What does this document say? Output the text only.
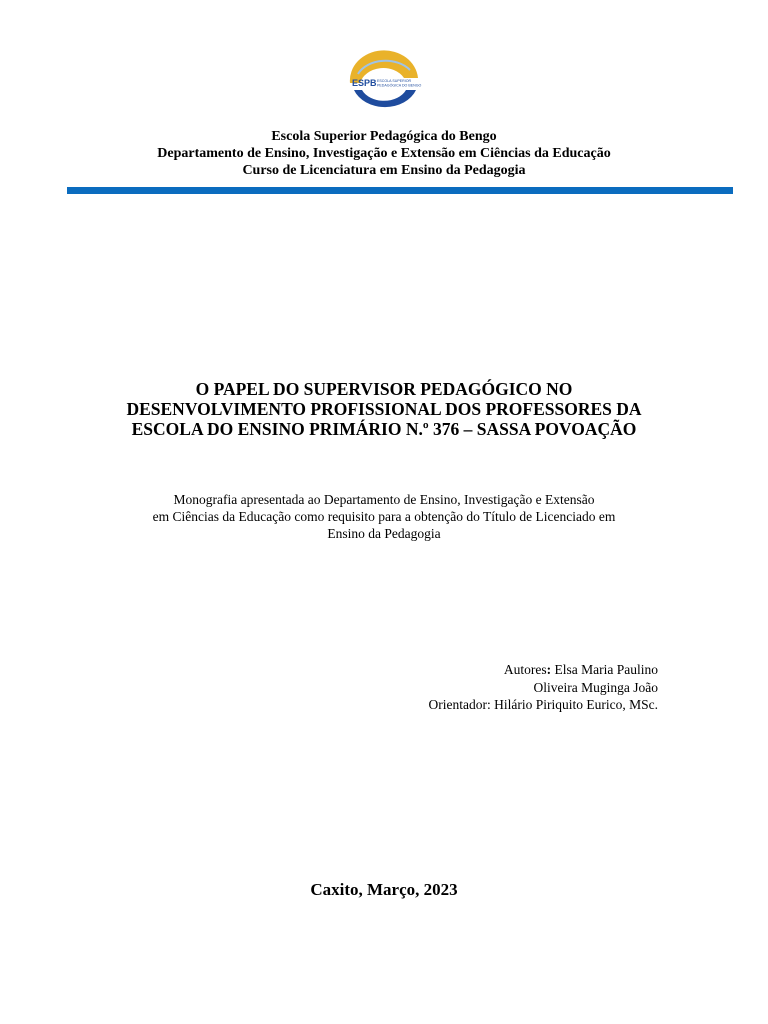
ESPB ESCOLA SUPERIOR
PEDAGÓGICA DO BENGO
Escola Superior Pedagógica do Bengo
Departamento de Ensino, Investigação e Extensão em Ciências da Educação
Curso de Licenciatura em Ensino da Pedagogia
O PAPEL DO SUPERVISOR PEDAGÓGICO NO
DESENVOLVIMENTO PROFISSIONAL DOS PROFESSORES DA
ESCOLA DO ENSINO PRIMÁRIO N.º 376 – SASSA POVOAÇÃO
Monografia apresentada ao Departamento de Ensino, Investigação e Extensão
em Ciências da Educação como requisito para a obtenção do Título de Licenciado em
Ensino da Pedagogia
Autores: Elsa Maria Paulino
Oliveira Muginga João
Orientador: Hilário Piriquito Eurico, MSc.
Caxito, Março, 2023
